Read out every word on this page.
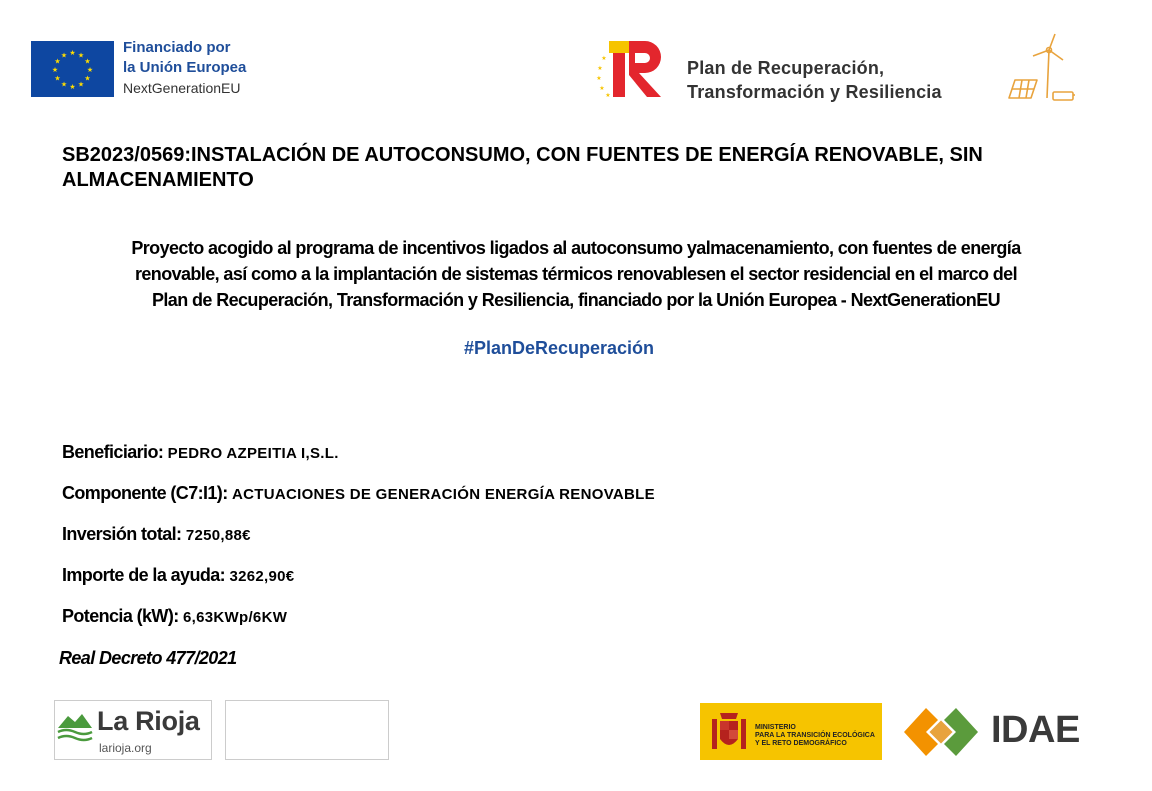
★ ★
★
★
★
★
★
★
★
★
★
★	Financiado por
la Unión Europea
NextGenerationEU
★
★
★
★
★
Plan de Recuperación,
Transformación y Resiliencia
SB2023/0569:INSTALACIÓN DE AUTOCONSUMO, CON FUENTES DE ENERGÍA RENOVABLE, SIN ALMACENAMIENTO
Proyecto acogido al programa de incentivos ligados al autoconsumo yalmacenamiento, con fuentes de energía
renovable, así como a la implantación de sistemas térmicos renovablesen el sector residencial en el marco del
Plan de Recuperación, Transformación y Resiliencia, financiado por la Unión Europea - NextGenerationEU
#PlanDeRecuperación
Beneficiario: PEDRO AZPEITIA I,S.L.
Componente (C7:I1): ACTUACIONES DE GENERACIÓN ENERGÍA RENOVABLE
Inversión total: 7250,88€
Importe de la ayuda: 3262,90€
Potencia (kW): 6,63KWp/6KW
Real Decreto 477/2021
La Rioja
larioja.org
MINISTERIO
PARA LA TRANSICIÓN ECOLÓGICA
Y EL RETO DEMOGRÁFICO	IDAE
